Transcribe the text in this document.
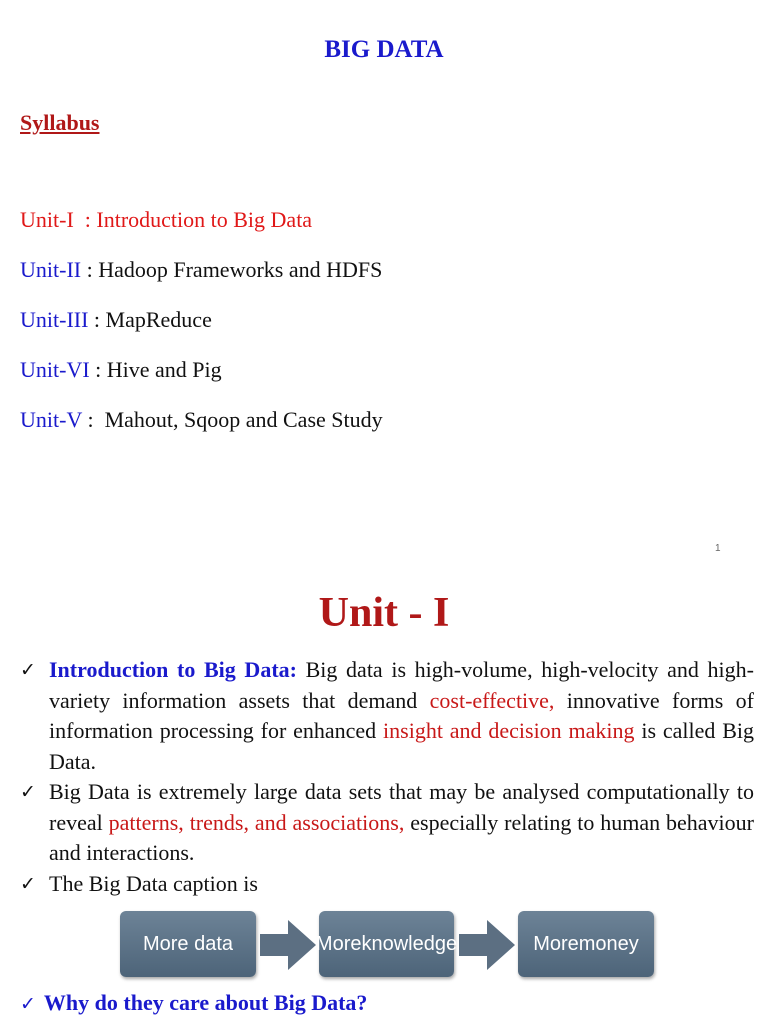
BIG DATA
Syllabus
Unit-I  : Introduction to Big Data
Unit-II : Hadoop Frameworks and HDFS
Unit-III : MapReduce
Unit-VI : Hive and Pig
Unit-V :  Mahout, Sqoop and Case Study
1
Unit - I
✓ Introduction to Big Data: Big data is high-volume, high-velocity and high-variety information assets that demand cost-effective, innovative forms of information processing for enhanced insight and decision making is called Big Data.
✓ Big Data is extremely large data sets that may be analysed computationally to reveal patterns, trends, and associations, especially relating to human behaviour and interactions.
✓ The Big Data caption is
More data	More knowledge	More money
✓ Why do they care about Big Data?
